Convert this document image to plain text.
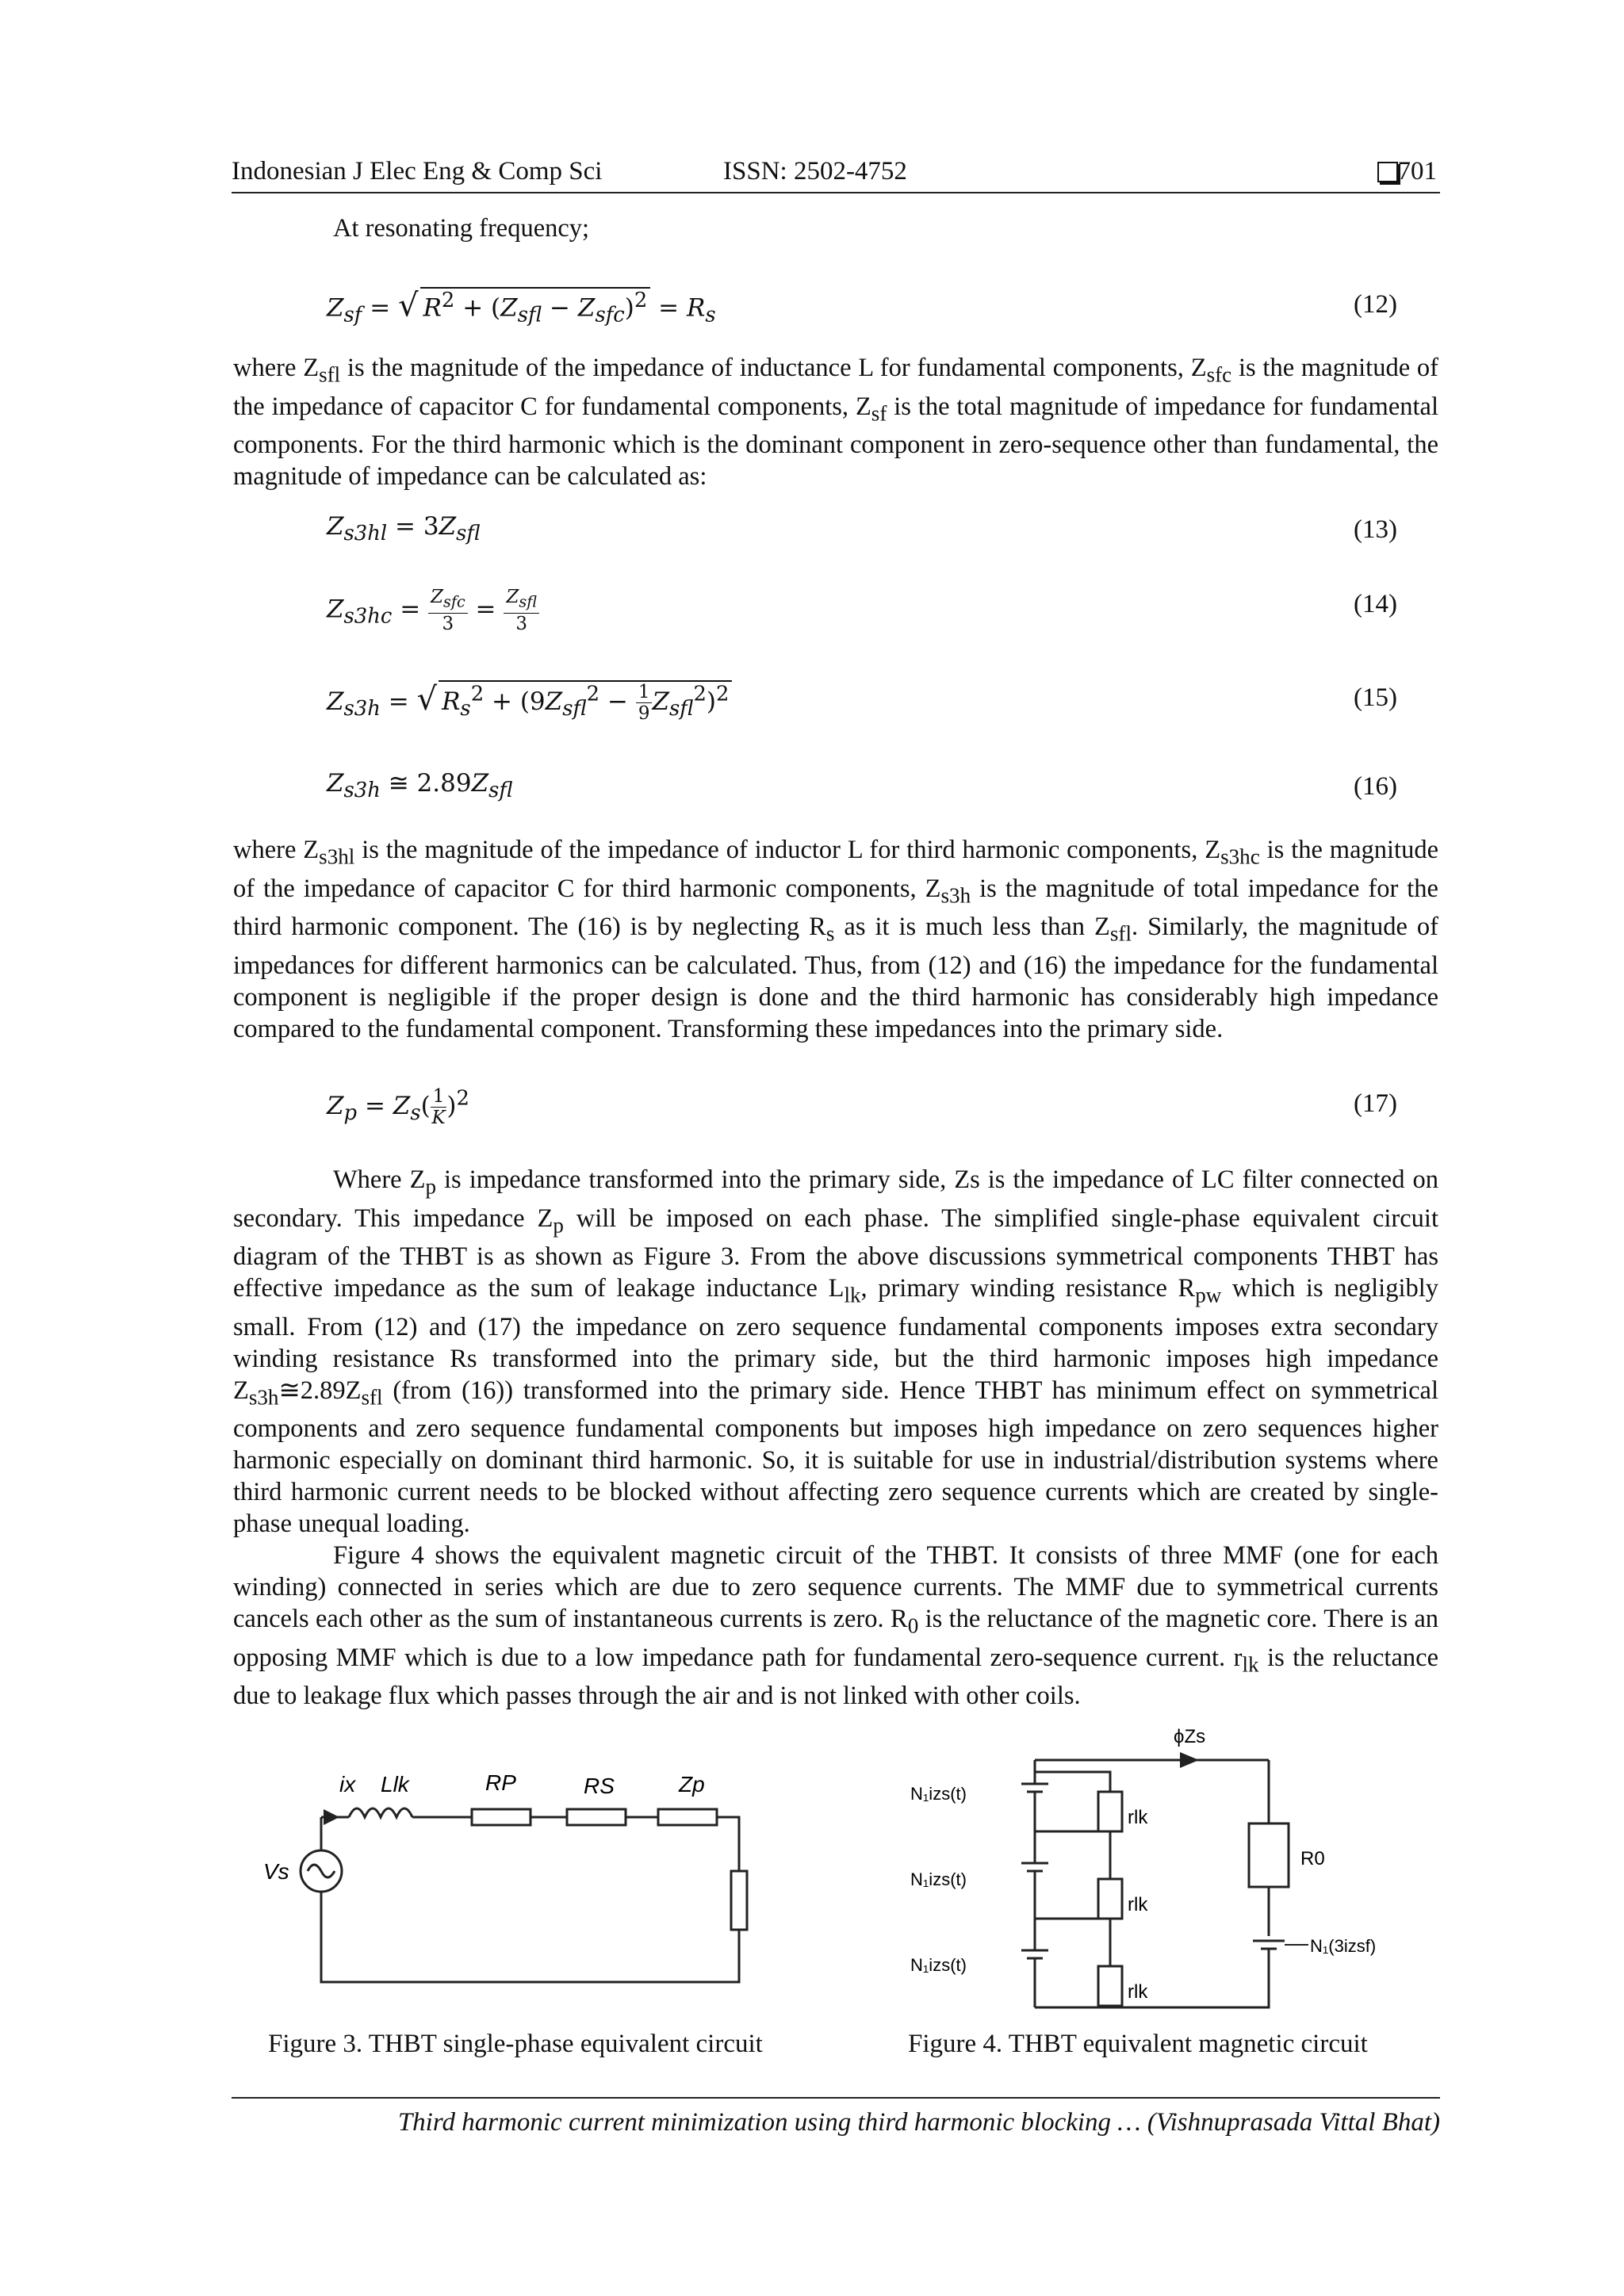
Indonesian J Elec Eng & Comp Sci	ISSN: 2502-4752	701
At resonating frequency;
$Z_{sf}$ = √ $R^2 + (Z_{sfl} - Z_{sfc})^2 = R_s$	(12)

where $Z_{sfl}$ is the magnitude of the impedance of inductance L for fundamental components, $Z_{sfc}$ is the magnitude of the impedance of capacitor C for fundamental components, $Z_{sf}$ is the total magnitude of impedance for fundamental components. For the third harmonic which is the dominant component in zero-sequence other than fundamental, the magnitude of impedance can be calculated as:

$Z_{s3hl} = 3Z_{sfl}$	(13)
$Z_{s3hc} = \frac{Z_{sfc}}{3} = \frac{Z_{sfl}}{3}$	(14)
$Z_{s3h}$ = √ $R_s^2 + (9Z_{sfl}^2 - \frac{1}{9} Z_{sfl}^2)^2$	(15)
$Z_{s3h}$ ≅ $2.89Z_{sfl}$	(16)

where $Z_{s3hl}$ is the magnitude of the impedance of inductor L for third harmonic components, $Z_{s3hc}$ is the magnitude of the impedance of capacitor C for third harmonic components, $Z_{s3h}$ is the magnitude of total impedance for the third harmonic component. The (16) is by neglecting $R_s$ as it is much less than $Z_{sfl}$. Similarly, the magnitude of impedances for different harmonics can be calculated. Thus, from (12) and (16) the impedance for the fundamental component is negligible if the proper design is done and the third harmonic has considerably high impedance compared to the fundamental component. Transforming these impedances into the primary side.

$Z_p = Z_s( \frac{1}{K} )^2$	(17)

Where $Z_p$ is impedance transformed into the primary side, Zs is the impedance of LC filter connected on secondary. This impedance $Z_p$ will be imposed on each phase. The simplified single-phase equivalent circuit diagram of the THBT is as shown as Figure 3. From the above discussions symmetrical components THBT has effective impedance as the sum of leakage inductance $L_{lk}$, primary winding resistance $R_{pw}$ which is negligibly small. From (12) and (17) the impedance on zero sequence fundamental components imposes extra secondary winding resistance Rs transformed into the primary side, but the third harmonic imposes high impedance $Z_{s3h}≅2.89Z_{sfl}$ (from (16)) transformed into the primary side. Hence THBT has minimum effect on symmetrical components and zero sequence fundamental components but imposes high impedance on zero sequences higher harmonic especially on dominant third harmonic. So, it is suitable for use in industrial/distribution systems where third harmonic current needs to be blocked without affecting zero sequence currents which are created by single-phase unequal loading.

Figure 4 shows the equivalent magnetic circuit of the THBT. It consists of three MMF (one for each winding) connected in series which are due to zero sequence currents. The MMF due to symmetrical currents cancels each other as the sum of instantaneous currents is zero. $R_0$ is the reluctance of the magnetic core. There is an opposing MMF which is due to a low impedance path for fundamental zero-sequence current. $r_{lk}$ is the reluctance due to leakage flux which passes through the air and is not linked with other coils.

ix Llk	RP	RS	Zp
Vs
ϕZs
N₁izs(t)
N₁izs(t)
N₁izs(t)
rlk
rlk
rlk
R0
N₁(3izsf)
Figure 3. THBT single-phase equivalent circuit	Figure 4. THBT equivalent magnetic circuit
Third harmonic current minimization using third harmonic blocking … (Vishnuprasada Vittal Bhat)
